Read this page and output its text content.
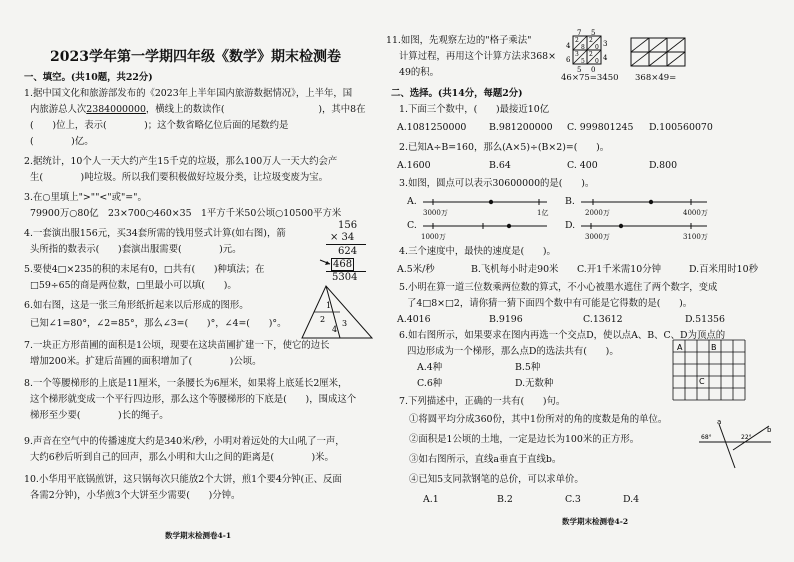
2023学年第一学期四年级《数学》期末检测卷
一、填空。(共10题，共22分)
1.据中国文化和旅游部发布的《2023年上半年国内旅游数据情况》，上半年，国
内旅游总人次2384000000，横线上的数读作(　　　　　　　　　　)，其中8在
(　　)位上，表示(　　　　)；这个数省略亿位后面的尾数约是
(　　　　)亿。
2.据统计，10个人一天大约产生15千克的垃圾，那么100万人一天大约会产
生(　　　　)吨垃圾。所以我们要积极做好垃圾分类，让垃圾变废为宝。
3.在○里填上">""<"或"="。
79900万○80亿　23×700○460×35　1平方千米50公顷○10500平方米
4.一套演出服156元，买34套所需的钱用竖式计算(如右图)，箭
头所指的数表示(　　)套演出服需要(　　　　)元。
156
× 34
624
468
5304
5.要使4□×235的积的末尾有0，□共有(　　)种填法；在
□59÷65的商是两位数，□里最小可以填(　　)。
6.如右图，这是一张三角形纸折起来以后形成的图形。
已知∠1=80°，∠2=85°，那么∠3=(　　)°，∠4=(　　)°。
1
2 3
4
7.一块正方形苗圃的面积是1公顷，现要在这块苗圃扩建一下，使它的边长
增加200米。扩建后苗圃的面积增加了(　　　　)公顷。
8.一个等腰梯形的上底是11厘米，一条腰长为6厘米，如果将上底延长2厘米，
这个梯形就变成一个平行四边形，那么这个等腰梯形的下底是(　　)，围成这个
梯形至少要(　　　　)长的绳子。
9.声音在空气中的传播速度大约是340米/秒，小明对着远处的大山吼了一声，
大约6秒后听到自己的回声，那么小明和大山之间的距离是(　　　　)米。
10.小华用平底锅煎饼，这只锅每次只能放2个大饼，煎1个要4分钟(正、反面
各需2分钟)，小华煎3个大饼至少需要(　　)分钟。
数学期末检测卷4-1
11.如图，先观察左边的"格子乘法"
计算过程，再用这个计算方法求368×
49的积。
7 5
3
4
2
8
2
0
3
5
2
0
4
6
5 0
46×75=3450 368×49=
二、选择。(共14分，每题2分)
1.下面三个数中，(　　)最接近10亿
A.1081250000 B.981200000 C. 999801245 D.100560070
2.已知A÷B=160，那么(A×5)÷(B×2)=(　　)。
A.1600	B.64	C. 400	D.800
3.如图，圆点可以表示30600000的是(　　)。
A.
3000万	1亿
B.
2000万	4000万
C.
1000万
D.
3000万	3100万
4.三个速度中，最快的速度是(　　)。
A.5米/秒	B.飞机每小时走90米 C.开1千米需10分钟	D.百米用时10秒
5.小明在算一道三位数乘两位数的算式，不小心被墨水遮住了两个数字，变成
了4□8×□2，请你猜一猜下面四个数中有可能是它得数的是(　　)。
A.4016	B.9196	C.13612	D.51356
6.如右图所示，如果要求在图内再选一个交点D，使以点A、B、C、D为顶点的
四边形成为一个梯形，那么点D的选法共有(　　)。
A.4种	B.5种
C.6种	D.无数种
A	B
C
7.下列描述中，正确的一共有(　　)句。
①将圆平均分成360份，其中1份所对的角的度数是角的单位。
②面积是1公顷的土地，一定是边长为100米的正方形。
③如右图所示，直线a垂直于直线b。
④已知5支同款钢笔的总价，可以求单价。
A.1	B.2	C.3	D.4
68°	22°
a
b
数学期末检测卷4-2
